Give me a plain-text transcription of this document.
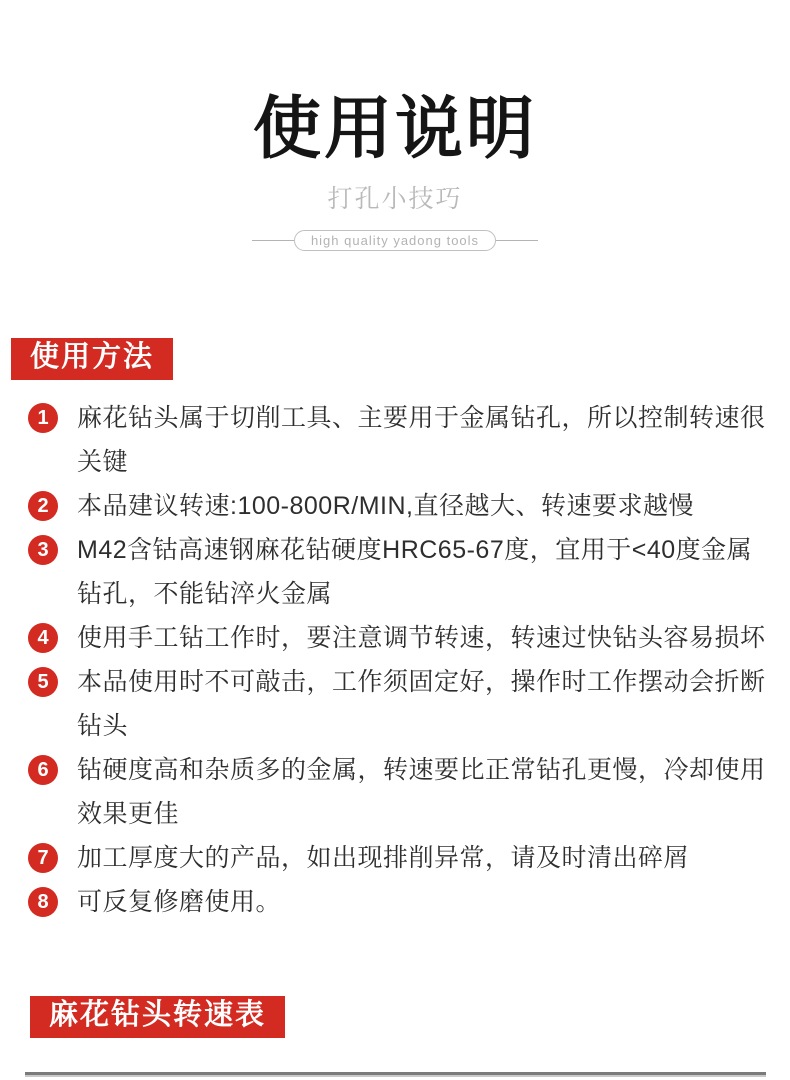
使用说明
打孔小技巧
high quality yadong tools
使用方法
1	麻花钻头属于切削工具、主要用于金属钻孔，所以控制转速很关键
2	本品建议转速:100-800R/MIN,直径越大、转速要求越慢
3	M42含钴高速钢麻花钻硬度HRC65-67度，宜用于<40度金属钻孔，不能钻淬火金属
4	使用手工钻工作时，要注意调节转速，转速过快钻头容易损坏
5	本品使用时不可敲击，工作须固定好，操作时工作摆动会折断钻头
6	钻硬度高和杂质多的金属，转速要比正常钻孔更慢，冷却使用效果更佳
7	加工厚度大的产品，如出现排削异常，请及时清出碎屑
8	可反复修磨使用。
麻花钻头转速表
